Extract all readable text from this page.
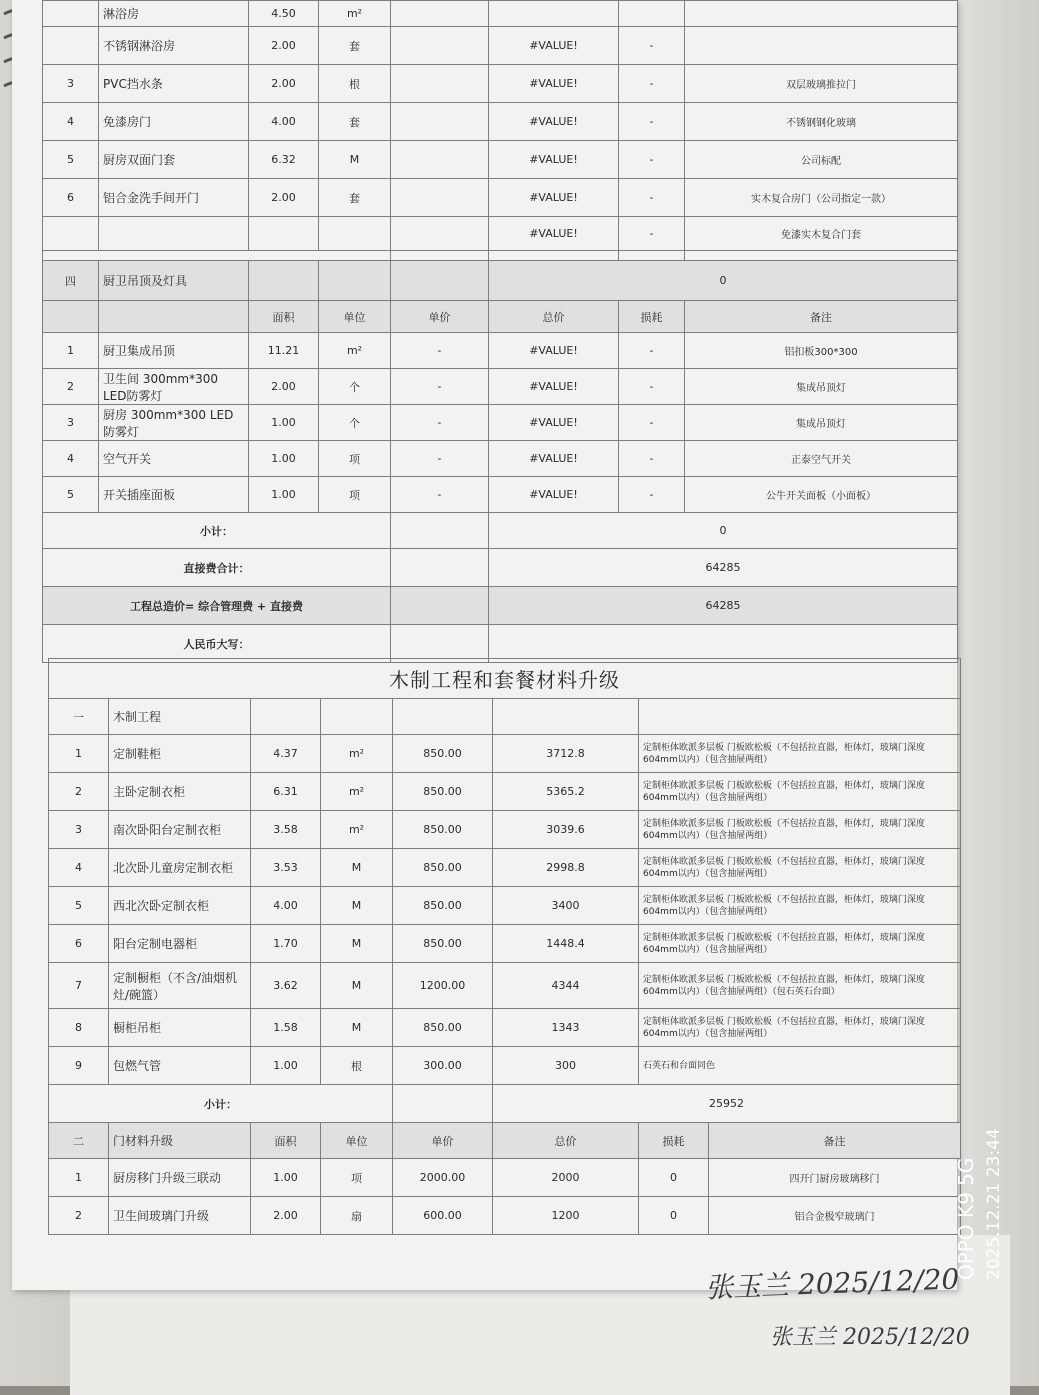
张玉兰 2025/12/20
	淋浴房	4.50	m²				
	不锈钢淋浴房	2.00	套		#VALUE!	-	
3	PVC挡水条	2.00	根		#VALUE!	-	双层玻璃推拉门
4	免漆房门	4.00	套		#VALUE!	-	不锈钢钢化玻璃
5	厨房双面门套	6.32	M		#VALUE!	-	公司标配
6	铝合金洗手间开门	2.00	套		#VALUE!	-	实木复合房门（公司指定一款）
					#VALUE!	-	免漆实木复合门套

四	厨卫吊顶及灯具				0		
		面积	单位	单价	总价	损耗	备注
1	厨卫集成吊顶	11.21	m²	-	#VALUE!	-	铝扣板300*300
2	卫生间 300mm*300 LED防雾灯	2.00	个	-	#VALUE!	-	集成吊顶灯
3	厨房 300mm*300 LED防雾灯	1.00	个	-	#VALUE!	-	集成吊顶灯
4	空气开关	1.00	项	-	#VALUE!	-	正泰空气开关
5	开关插座面板	1.00	项	-	#VALUE!	-	公牛开关面板（小面板）
小计：					0		
直接费合计：					64285		
工程总造价= 综合管理费 + 直接费					64285		
人民币大写：							
木制工程和套餐材料升级							
一	木制工程						
1	定制鞋柜	4.37	m²	850.00	3712.8	定制柜体欧派多层板 门板欧松板（不包括拉直器，柜体灯，玻璃门深度604mm以内）（包含抽屉两组）	
2	主卧定制衣柜	6.31	m²	850.00	5365.2	定制柜体欧派多层板 门板欧松板（不包括拉直器，柜体灯，玻璃门深度604mm以内）（包含抽屉两组）	
3	南次卧阳台定制衣柜	3.58	m²	850.00	3039.6	定制柜体欧派多层板 门板欧松板（不包括拉直器，柜体灯，玻璃门深度604mm以内）（包含抽屉两组）	
4	北次卧儿童房定制衣柜	3.53	M	850.00	2998.8	定制柜体欧派多层板 门板欧松板（不包括拉直器，柜体灯，玻璃门深度604mm以内）（包含抽屉两组）	
5	西北次卧定制衣柜	4.00	M	850.00	3400	定制柜体欧派多层板 门板欧松板（不包括拉直器，柜体灯，玻璃门深度604mm以内）（包含抽屉两组）	
6	阳台定制电器柜	1.70	M	850.00	1448.4	定制柜体欧派多层板 门板欧松板（不包括拉直器，柜体灯，玻璃门深度604mm以内）（包含抽屉两组）	
7	定制橱柜（不含/油烟机灶/碗篮）	3.62	M	1200.00	4344	定制柜体欧派多层板 门板欧松板（不包括拉直器，柜体灯，玻璃门深度604mm以内）（包含抽屉两组）（包石英石台面）	
8	橱柜吊柜	1.58	M	850.00	1343	定制柜体欧派多层板 门板欧松板（不包括拉直器，柜体灯，玻璃门深度604mm以内）（包含抽屉两组）	
9	包燃气管	1.00	根	300.00	300	石英石和台面同色	
小计：					25952		
二	门材料升级	面积	单位	单价	总价	损耗	备注
1	厨房移门升级三联动	1.00	项	2000.00	2000	0	四开门厨房玻璃移门
2	卫生间玻璃门升级	2.00	扇	600.00	1200	0	铝合金极窄玻璃门
张玉兰 2025/12/20
OPPO K9 5G 2025.12.21 23:44
